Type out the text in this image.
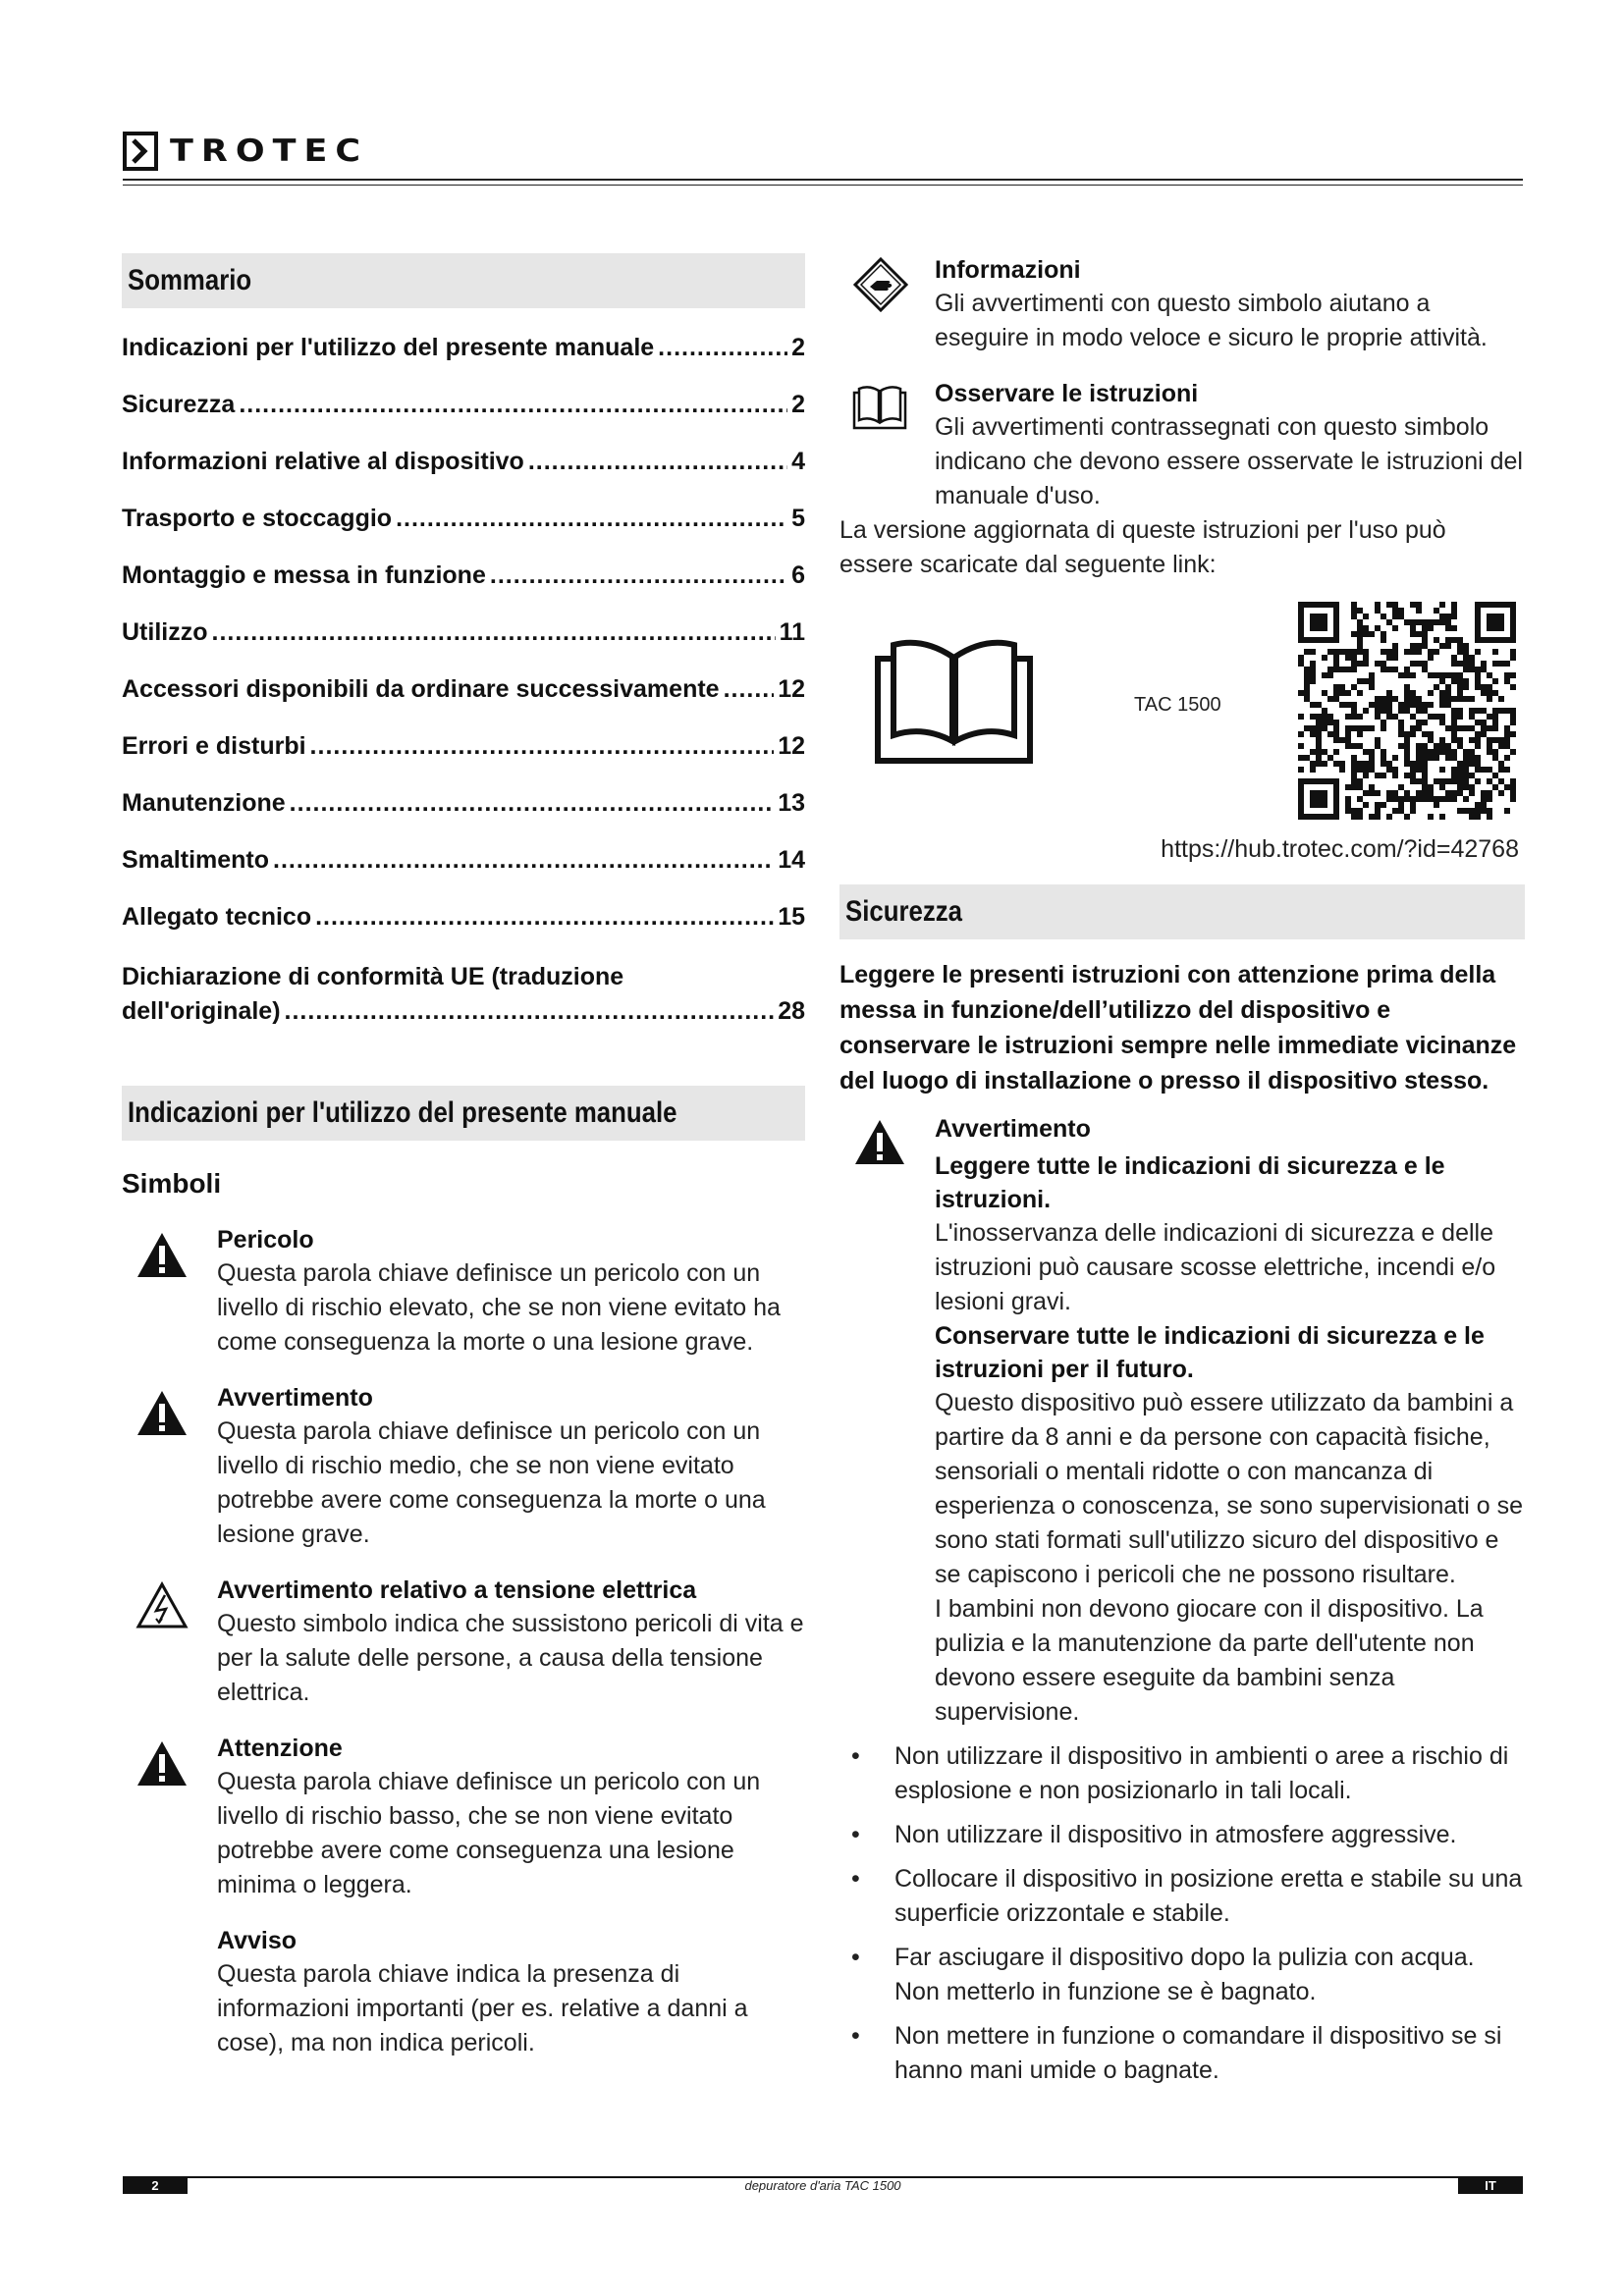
TROTEC
Sommario
Indicazioni per l'utilizzo del presente manuale .....	2
Sicurezza .....	2
Informazioni relative al dispositivo .....	4
Trasporto e stoccaggio .....	5
Montaggio e messa in funzione .....	6
Utilizzo .....	11
Accessori disponibili da ordinare successivamente ..... 12
Errori e disturbi .....	12
Manutenzione .....	13
Smaltimento .....	14
Allegato tecnico .....	15
Dichiarazione di conformità UE (traduzione
dell'originale) .....	28
Indicazioni per l'utilizzo del presente manuale
Simboli
Pericolo
Questa parola chiave definisce un pericolo con un livello di rischio elevato, che se non viene evitato ha come conseguenza la morte o una lesione grave.
Avvertimento
Questa parola chiave definisce un pericolo con un livello di rischio medio, che se non viene evitato potrebbe avere come conseguenza la morte o una lesione grave.
Avvertimento relativo a tensione elettrica
Questo simbolo indica che sussistono pericoli di vita e per la salute delle persone, a causa della tensione elettrica.
Attenzione
Questa parola chiave definisce un pericolo con un livello di rischio basso, che se non viene evitato potrebbe avere come conseguenza una lesione minima o leggera.
Avviso
Questa parola chiave indica la presenza di informazioni importanti (per es. relative a danni a cose), ma non indica pericoli.
Informazioni
Gli avvertimenti con questo simbolo aiutano a eseguire in modo veloce e sicuro le proprie attività.
Osservare le istruzioni
Gli avvertimenti contrassegnati con questo simbolo indicano che devono essere osservate le istruzioni del manuale d'uso.
La versione aggiornata di queste istruzioni per l'uso può essere scaricate dal seguente link:
TAC 1500
https://hub.trotec.com/?id=42768
Sicurezza
Leggere le presenti istruzioni con attenzione prima della messa in funzione/dell’utilizzo del dispositivo e conservare le istruzioni sempre nelle immediate vicinanze del luogo di installazione o presso il dispositivo stesso.
Avvertimento
Leggere tutte le indicazioni di sicurezza e le istruzioni.
L'inosservanza delle indicazioni di sicurezza e delle istruzioni può causare scosse elettriche, incendi e/o lesioni gravi.
Conservare tutte le indicazioni di sicurezza e le istruzioni per il futuro.
Questo dispositivo può essere utilizzato da bambini a partire da 8 anni e da persone con capacità fisiche, sensoriali o mentali ridotte o con mancanza di esperienza o conoscenza, se sono supervisionati o se sono stati formati sull'utilizzo sicuro del dispositivo e se capiscono i pericoli che ne possono risultare.
I bambini non devono giocare con il dispositivo. La pulizia e la manutenzione da parte dell'utente non devono essere eseguite da bambini senza supervisione.
• Non utilizzare il dispositivo in ambienti o aree a rischio di esplosione e non posizionarlo in tali locali.
• Non utilizzare il dispositivo in atmosfere aggressive.
• Collocare il dispositivo in posizione eretta e stabile su una superficie orizzontale e stabile.
• Far asciugare il dispositivo dopo la pulizia con acqua. Non metterlo in funzione se è bagnato.
• Non mettere in funzione o comandare il dispositivo se si hanno mani umide o bagnate.
2	depuratore d'aria TAC 1500	IT
